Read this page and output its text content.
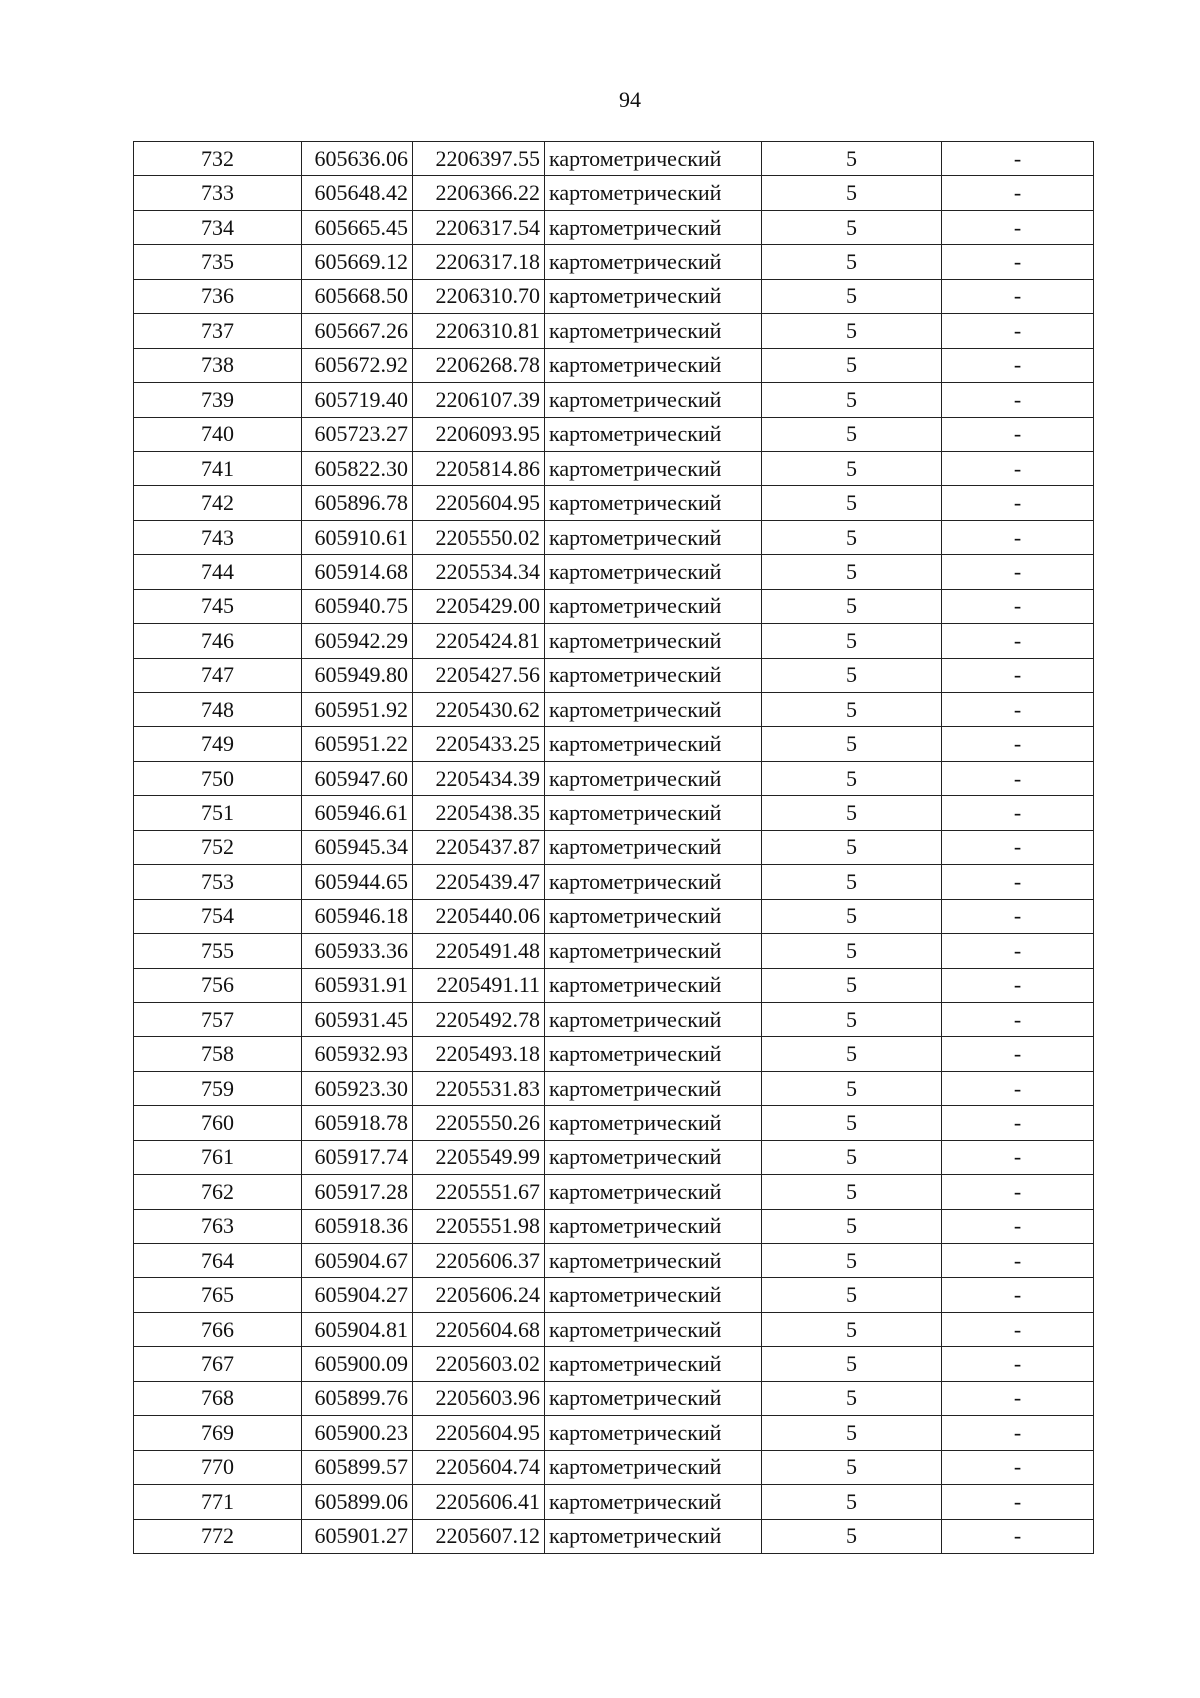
94
732	605636.06	2206397.55	картометрический	5	-
733	605648.42	2206366.22	картометрический	5	-
734	605665.45	2206317.54	картометрический	5	-
735	605669.12	2206317.18	картометрический	5	-
736	605668.50	2206310.70	картометрический	5	-
737	605667.26	2206310.81	картометрический	5	-
738	605672.92	2206268.78	картометрический	5	-
739	605719.40	2206107.39	картометрический	5	-
740	605723.27	2206093.95	картометрический	5	-
741	605822.30	2205814.86	картометрический	5	-
742	605896.78	2205604.95	картометрический	5	-
743	605910.61	2205550.02	картометрический	5	-
744	605914.68	2205534.34	картометрический	5	-
745	605940.75	2205429.00	картометрический	5	-
746	605942.29	2205424.81	картометрический	5	-
747	605949.80	2205427.56	картометрический	5	-
748	605951.92	2205430.62	картометрический	5	-
749	605951.22	2205433.25	картометрический	5	-
750	605947.60	2205434.39	картометрический	5	-
751	605946.61	2205438.35	картометрический	5	-
752	605945.34	2205437.87	картометрический	5	-
753	605944.65	2205439.47	картометрический	5	-
754	605946.18	2205440.06	картометрический	5	-
755	605933.36	2205491.48	картометрический	5	-
756	605931.91	2205491.11	картометрический	5	-
757	605931.45	2205492.78	картометрический	5	-
758	605932.93	2205493.18	картометрический	5	-
759	605923.30	2205531.83	картометрический	5	-
760	605918.78	2205550.26	картометрический	5	-
761	605917.74	2205549.99	картометрический	5	-
762	605917.28	2205551.67	картометрический	5	-
763	605918.36	2205551.98	картометрический	5	-
764	605904.67	2205606.37	картометрический	5	-
765	605904.27	2205606.24	картометрический	5	-
766	605904.81	2205604.68	картометрический	5	-
767	605900.09	2205603.02	картометрический	5	-
768	605899.76	2205603.96	картометрический	5	-
769	605900.23	2205604.95	картометрический	5	-
770	605899.57	2205604.74	картометрический	5	-
771	605899.06	2205606.41	картометрический	5	-
772	605901.27	2205607.12	картометрический	5	-
